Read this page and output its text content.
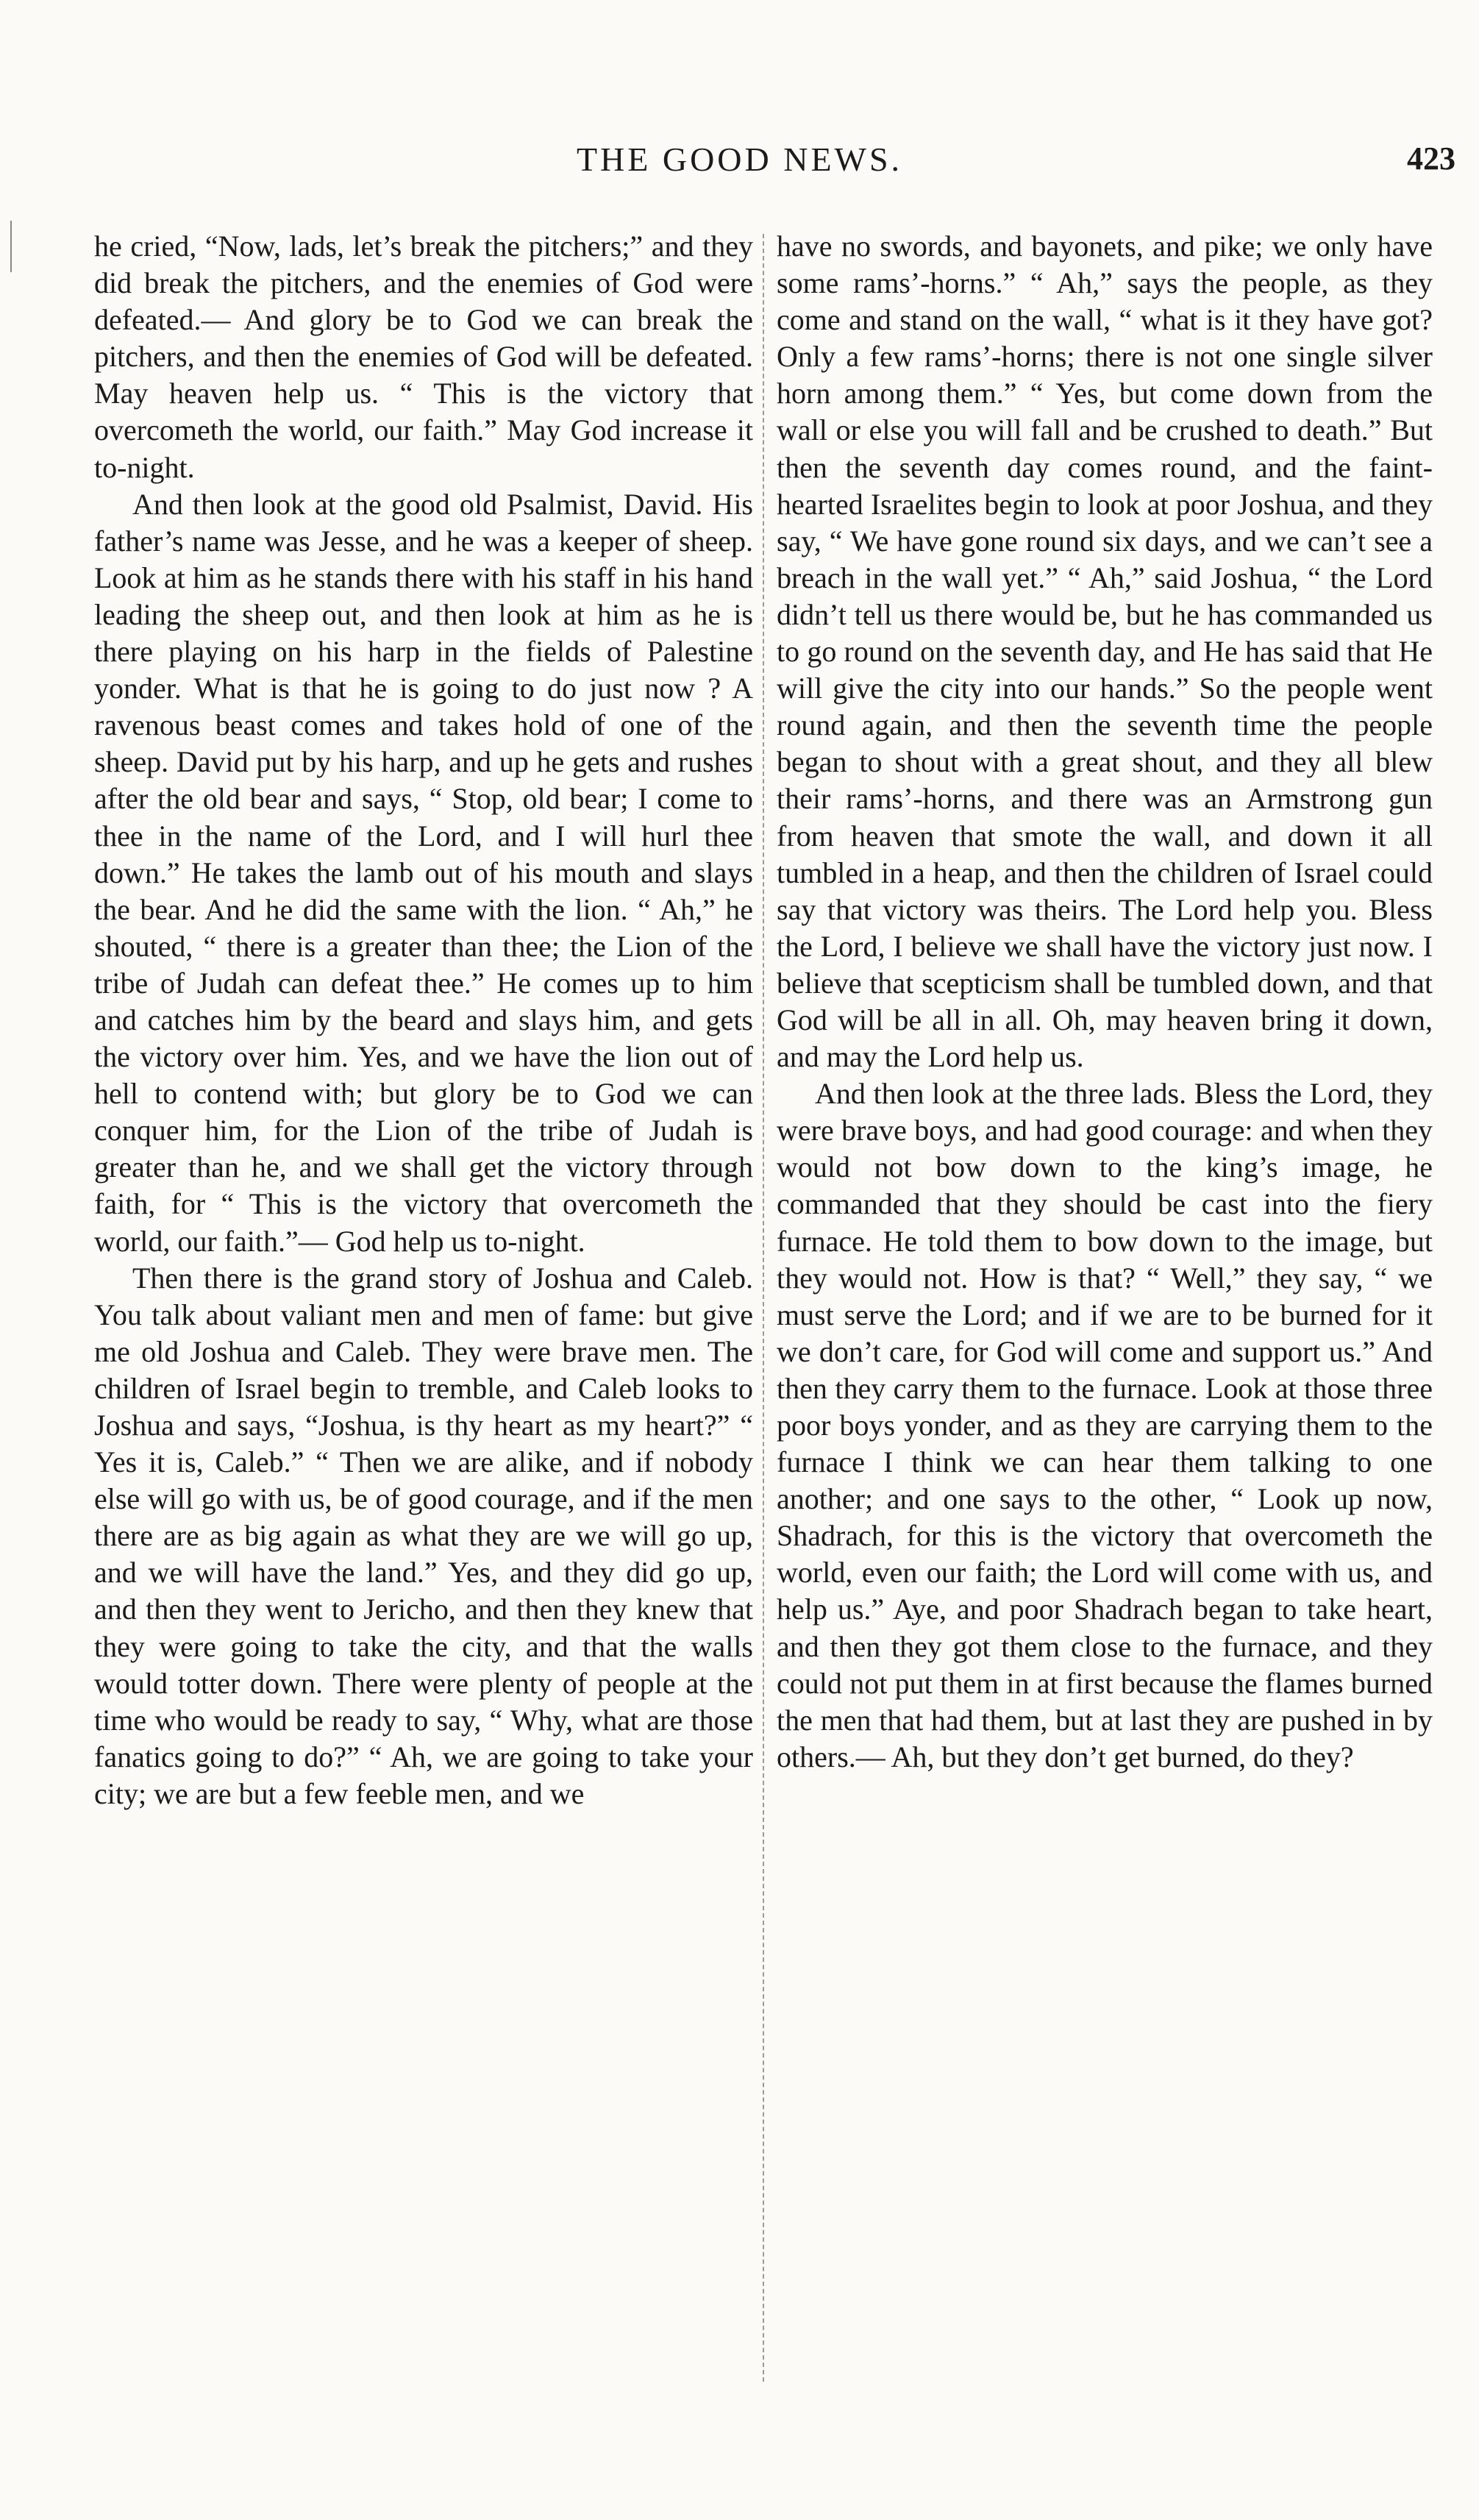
THE GOOD NEWS.	423

he cried, “Now, lads, let’s break the pitchers;” and they did break the pitchers, and the enemies of God were defeated.— And glory be to God we can break the pitchers, and then the enemies of God will be defeated. May heaven help us. “ This is the victory that overcometh the world, our faith.” May God increase it to-night.

And then look at the good old Psalmist, David. His father’s name was Jesse, and he was a keeper of sheep. Look at him as he stands there with his staff in his hand leading the sheep out, and then look at him as he is there playing on his harp in the fields of Palestine yonder. What is that he is going to do just now ? A ravenous beast comes and takes hold of one of the sheep. David put by his harp, and up he gets and rushes after the old bear and says, “ Stop, old bear; I come to thee in the name of the Lord, and I will hurl thee down.” He takes the lamb out of his mouth and slays the bear. And he did the same with the lion. “ Ah,” he shouted, “ there is a greater than thee; the Lion of the tribe of Judah can defeat thee.” He comes up to him and catches him by the beard and slays him, and gets the victory over him. Yes, and we have the lion out of hell to contend with; but glory be to God we can conquer him, for the Lion of the tribe of Judah is greater than he, and we shall get the victory through faith, for “ This is the victory that overcometh the world, our faith.”— God help us to-night.

Then there is the grand story of Joshua and Caleb. You talk about valiant men and men of fame: but give me old Joshua and Caleb. They were brave men. The children of Israel begin to tremble, and Caleb looks to Joshua and says, “Joshua, is thy heart as my heart?” “ Yes it is, Caleb.” “ Then we are alike, and if nobody else will go with us, be of good courage, and if the men there are as big again as what they are we will go up, and we will have the land.” Yes, and they did go up, and then they went to Jericho, and then they knew that they were going to take the city, and that the walls would totter down. There were plenty of people at the time who would be ready to say, “ Why, what are those fanatics going to do?” “ Ah, we are going to take your city; we are but a few feeble men, and we

have no swords, and bayonets, and pike; we only have some rams’-horns.” “ Ah,” says the people, as they come and stand on the wall, “ what is it they have got? Only a few rams’-horns; there is not one single silver horn among them.” “ Yes, but come down from the wall or else you will fall and be crushed to death.” But then the seventh day comes round, and the faint-hearted Israelites begin to look at poor Joshua, and they say, “ We have gone round six days, and we can’t see a breach in the wall yet.” “ Ah,” said Joshua, “ the Lord didn’t tell us there would be, but he has commanded us to go round on the seventh day, and He has said that He will give the city into our hands.” So the people went round again, and then the seventh time the people began to shout with a great shout, and they all blew their rams’-horns, and there was an Armstrong gun from heaven that smote the wall, and down it all tumbled in a heap, and then the children of Israel could say that victory was theirs. The Lord help you. Bless the Lord, I believe we shall have the victory just now. I believe that scepticism shall be tumbled down, and that God will be all in all. Oh, may heaven bring it down, and may the Lord help us.

And then look at the three lads. Bless the Lord, they were brave boys, and had good courage: and when they would not bow down to the king’s image, he commanded that they should be cast into the fiery furnace. He told them to bow down to the image, but they would not. How is that? “ Well,” they say, “ we must serve the Lord; and if we are to be burned for it we don’t care, for God will come and support us.” And then they carry them to the furnace. Look at those three poor boys yonder, and as they are carrying them to the furnace I think we can hear them talking to one another; and one says to the other, “ Look up now, Shadrach, for this is the victory that overcometh the world, even our faith; the Lord will come with us, and help us.” Aye, and poor Shadrach began to take heart, and then they got them close to the furnace, and they could not put them in at first because the flames burned the men that had them, but at last they are pushed in by others.— Ah, but they don’t get burned, do they?
